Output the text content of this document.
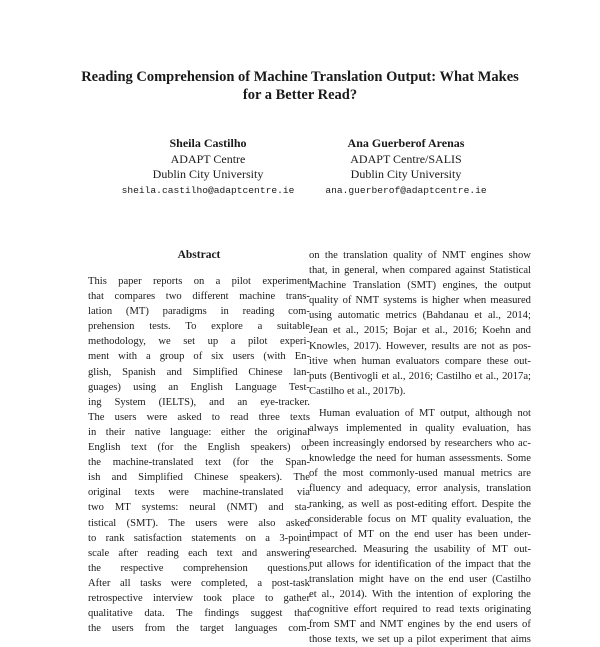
Reading Comprehension of Machine Translation Output: What Makes
for a Better Read?
Sheila Castilho
ADAPT Centre
Dublin City University
sheila.castilho@adaptcentre.ie
Ana Guerberof Arenas
ADAPT Centre/SALIS
Dublin City University
ana.guerberof@adaptcentre.ie
Abstract
This paper reports on a pilot experiment
that compares two different machine trans-
lation (MT) paradigms in reading com-
prehension tests. To explore a suitable
methodology, we set up a pilot experi-
ment with a group of six users (with En-
glish, Spanish and Simplified Chinese lan-
guages) using an English Language Test-
ing System (IELTS), and an eye-tracker.
The users were asked to read three texts
in their native language: either the original
English text (for the English speakers) or
the machine-translated text (for the Span-
ish and Simplified Chinese speakers). The
original texts were machine-translated via
two MT systems: neural (NMT) and sta-
tistical (SMT). The users were also asked
to rank satisfaction statements on a 3-point
scale after reading each text and answering
the respective comprehension questions.
After all tasks were completed, a post-task
retrospective interview took place to gather
qualitative data. The findings suggest that
the users from the target languages com-
on the translation quality of NMT engines show
that, in general, when compared against Statistical
Machine Translation (SMT) engines, the output
quality of NMT systems is higher when measured
using automatic metrics (Bahdanau et al., 2014;
Jean et al., 2015; Bojar et al., 2016; Koehn and
Knowles, 2017). However, results are not as pos-
itive when human evaluators compare these out-
puts (Bentivogli et al., 2016; Castilho et al., 2017a;
Castilho
et
al.,
2017b).

Human evaluation of MT output, although not
always implemented in quality evaluation, has
been increasingly endorsed by researchers who ac-
knowledge the need for human assessments. Some
of the most commonly-used manual metrics are
fluency and adequacy, error analysis, translation
ranking, as well as post-editing effort. Despite the
considerable focus on MT quality evaluation, the
impact of MT on the end user has been under-
researched. Measuring the usability of MT out-
put allows for identification of the impact that the
translation might have on the end user (Castilho
et al., 2014). With the intention of exploring the
cognitive effort required to read texts originating
from SMT and NMT engines by the end users of
those texts, we set up a pilot experiment that aims
